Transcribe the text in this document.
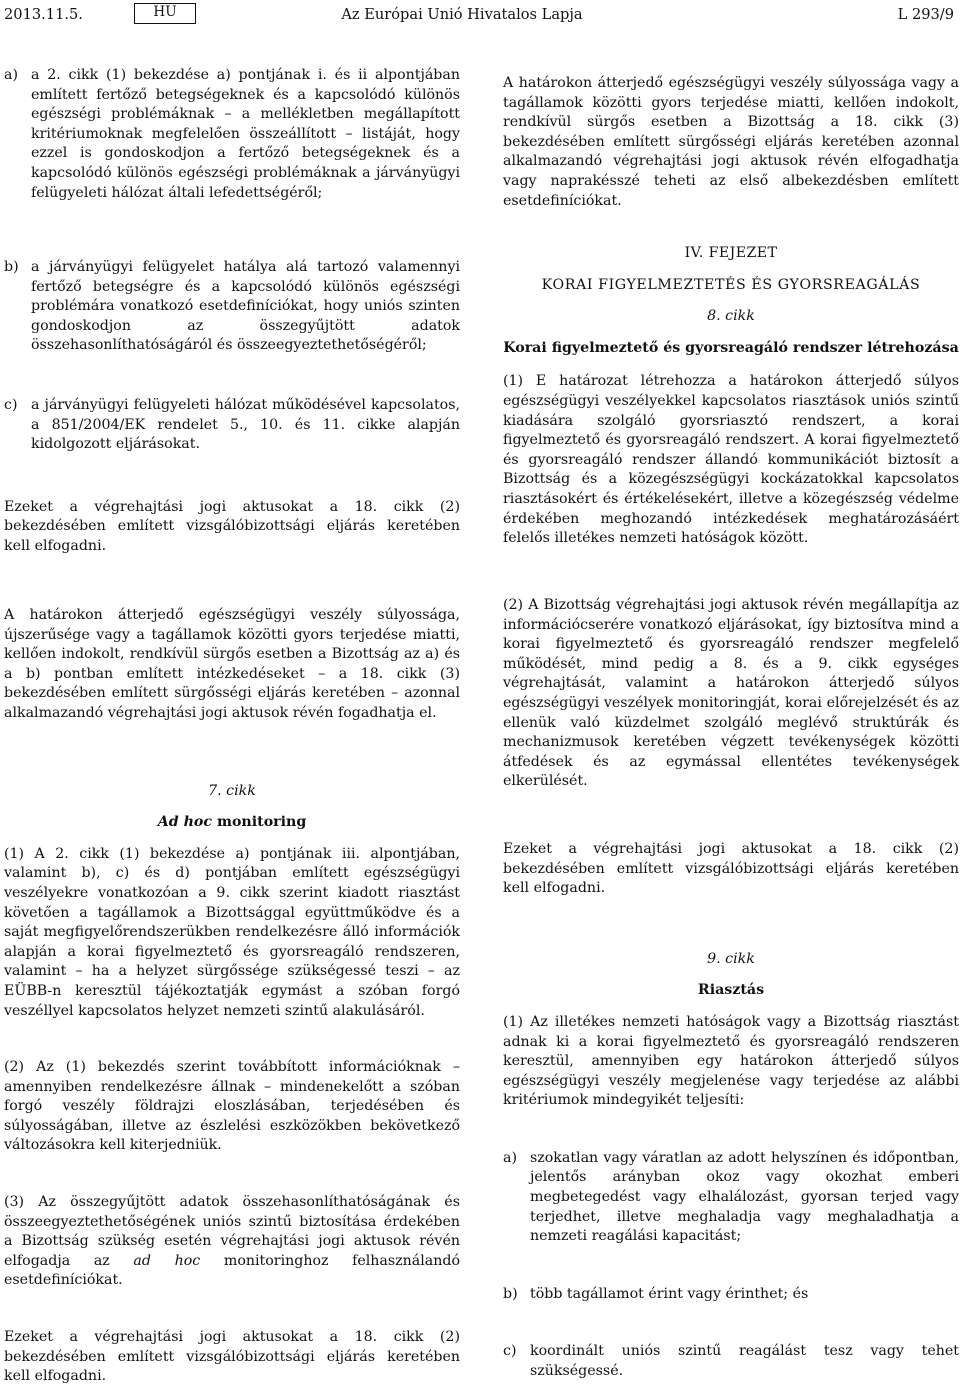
2013.11.5.	HU	Az Európai Unió Hivatalos Lapja	L 293/9
a) a 2. cikk (1) bekezdése a) pontjának i. és ii alpontjában említett fertőző betegségeknek és a kapcsolódó különös egészségi problémáknak – a mellékletben megállapított kritériumoknak megfelelően összeállított – listáját, hogy ezzel is gondoskodjon a fertőző betegségeknek és a kapcsolódó különös egészségi problémáknak a járványügyi felügyeleti hálózat általi lefedettségéről;

A határokon átterjedő egészségügyi veszély súlyossága vagy a tagállamok közötti gyors terjedése miatti, kellően indokolt, rendkívül sürgős esetben a Bizottság a 18. cikk (3) bekezdésében említett sürgősségi eljárás keretében azonnal alkalmazandó végrehajtási jogi aktusok révén elfogadhatja vagy naprakésszé teheti az első albekezdésben említett esetdefiníciókat.

b) a járványügyi felügyelet hatálya alá tartozó valamennyi fertőző betegségre és a kapcsolódó különös egészségi problémára vonatkozó esetdefiníciókat, hogy uniós szinten gondoskodjon az összegyűjtött adatok összehasonlíthatóságáról és összeegyeztethetőségéről;
c) a járványügyi felügyeleti hálózat működésével kapcsolatos, a 851/2004/EK rendelet 5., 10. és 11. cikke alapján kidolgozott eljárásokat.

Ezeket a végrehajtási jogi aktusokat a 18. cikk (2) bekezdésében említett vizsgálóbizottsági eljárás keretében kell elfogadni.

IV. FEJEZET

KORAI FIGYELMEZTETÉS ÉS GYORSREAGÁLÁS

8. cikk

Korai figyelmeztető és gyorsreagáló rendszer létrehozása

(1) E határozat létrehozza a határokon átterjedő súlyos egészségügyi veszélyekkel kapcsolatos riasztások uniós szintű kiadására szolgáló gyorsriasztó rendszert, a korai figyelmeztető és gyorsreagáló rendszert. A korai figyelmeztető és gyorsreagáló rendszer állandó kommunikációt biztosít a Bizottság és a közegészségügyi kockázatokkal kapcsolatos riasztásokért és értékelésekért, illetve a közegészség védelme érdekében meghozandó intézkedések meghatározásáért felelős illetékes nemzeti hatóságok között.

A határokon átterjedő egészségügyi veszély súlyossága, újszerűsége vagy a tagállamok közötti gyors terjedése miatti, kellően indokolt, rendkívül sürgős esetben a Bizottság az a) és a b) pontban említett intézkedéseket – a 18. cikk (3) bekezdésében említett sürgősségi eljárás keretében – azonnal alkalmazandó végrehajtási jogi aktusok révén fogadhatja el.

7. cikk

Ad hoc monitoring

(1) A 2. cikk (1) bekezdése a) pontjának iii. alpontjában, valamint b), c) és d) pontjában említett egészségügyi veszélyekre vonatkozóan a 9. cikk szerint kiadott riasztást követően a tagállamok a Bizottsággal együttműködve és a saját megfigyelőrendszerükben rendelkezésre álló információk alapján a korai figyelmeztető és gyorsreagáló rendszeren, valamint – ha a helyzet sürgőssége szükségessé teszi – az EÜBB-n keresztül tájékoztatják egymást a szóban forgó veszéllyel kapcsolatos helyzet nemzeti szintű alakulásáról.

(2) Az (1) bekezdés szerint továbbított információknak – amennyiben rendelkezésre állnak – mindenekelőtt a szóban forgó veszély földrajzi eloszlásában, terjedésében és súlyosságában, illetve az észlelési eszközökben bekövetkező változásokra kell kiterjedniük.

(3) Az összegyűjtött adatok összehasonlíthatóságának és összeegyeztethetőségének uniós szintű biztosítása érdekében a Bizottság szükség esetén végrehajtási jogi aktusok révén elfogadja az ad hoc monitoringhoz felhasználandó esetdefiníciókat.

Ezeket a végrehajtási jogi aktusokat a 18. cikk (2) bekezdésében említett vizsgálóbizottsági eljárás keretében kell elfogadni.

(2) A Bizottság végrehajtási jogi aktusok révén megállapítja az információcserére vonatkozó eljárásokat, így biztosítva mind a korai figyelmeztető és gyorsreagáló rendszer megfelelő működését, mind pedig a 8. és a 9. cikk egységes végrehajtását, valamint a határokon átterjedő súlyos egészségügyi veszélyek monitoringját, korai előrejelzését és az ellenük való küzdelmet szolgáló meglévő struktúrák és mechanizmusok keretében végzett tevékenységek közötti átfedések és az egymással ellentétes tevékenységek elkerülését.

Ezeket a végrehajtási jogi aktusokat a 18. cikk (2) bekezdésében említett vizsgálóbizottsági eljárás keretében kell elfogadni.

9. cikk

Riasztás

(1) Az illetékes nemzeti hatóságok vagy a Bizottság riasztást adnak ki a korai figyelmeztető és gyorsreagáló rendszeren keresztül, amennyiben egy határokon átterjedő súlyos egészségügyi veszély megjelenése vagy terjedése az alábbi kritériumok mindegyikét teljesíti:

a) szokatlan vagy váratlan az adott helyszínen és időpontban, jelentős arányban okoz vagy okozhat emberi megbetegedést vagy elhalálozást, gyorsan terjed vagy terjedhet, illetve meghaladja vagy meghaladhatja a nemzeti reagálási kapacitást;
b) több tagállamot érint vagy érinthet; és
c) koordinált uniós szintű reagálást tesz vagy tehet szükségessé.
